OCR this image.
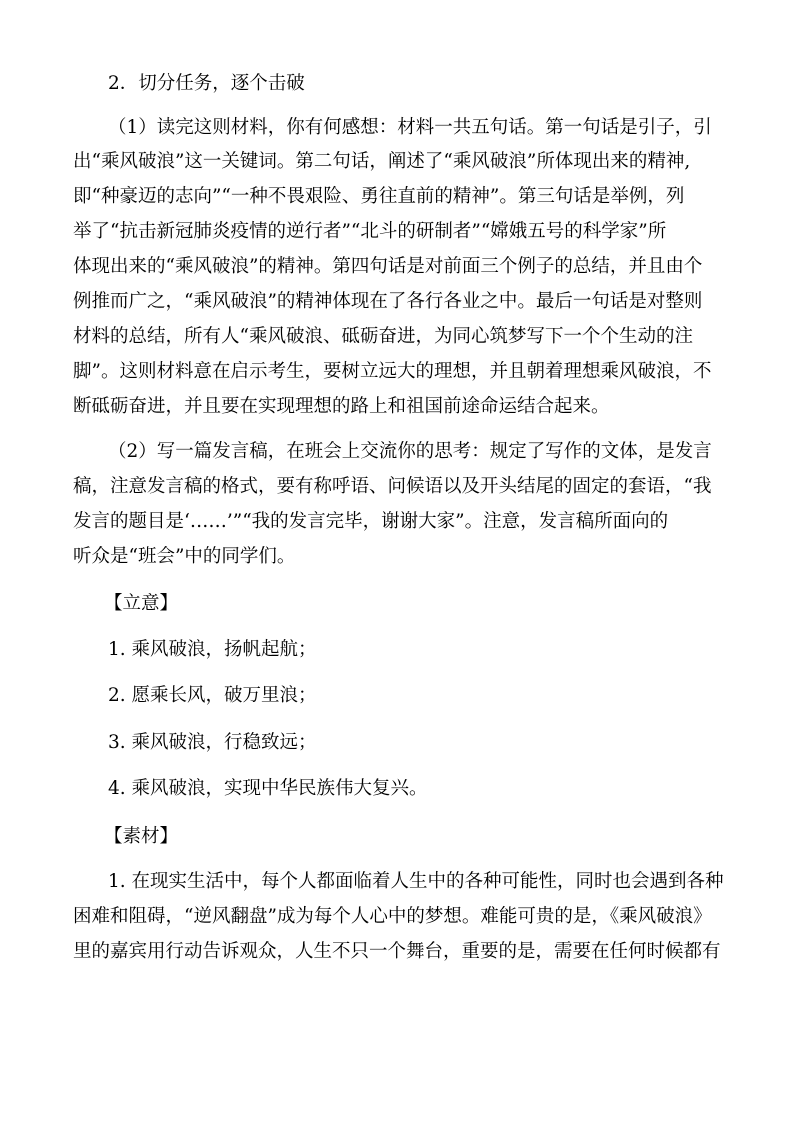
2．切分任务，逐个击破
（1）读完这则材料，你有何感想：材料一共五句话。第一句话是引子，引
出“乘风破浪”这一关键词。第二句话，阐述了“乘风破浪”所体现出来的精神,
即“种豪迈的志向”“一种不畏艰险、勇往直前的精神”。第三句话是举例，列
举了“抗击新冠肺炎疫情的逆行者”“北斗的研制者”“嫦娥五号的科学家”所
体现出来的“乘风破浪”的精神。第四句话是对前面三个例子的总结，并且由个
例推而广之，“乘风破浪”的精神体现在了各行各业之中。最后一句话是对整则
材料的总结，所有人“乘风破浪、砥砺奋进，为同心筑梦写下一个个生动的注
脚”。这则材料意在启示考生，要树立远大的理想，并且朝着理想乘风破浪，不
断砥砺奋进，并且要在实现理想的路上和祖国前途命运结合起来。
（2）写一篇发言稿，在班会上交流你的思考：规定了写作的文体，是发言
稿，注意发言稿的格式，要有称呼语、问候语以及开头结尾的固定的套语，“我
发言的题目是‘……’”“我的发言完毕，谢谢大家”。注意，发言稿所面向的
听众是“班会”中的同学们。
【立意】
1. 乘风破浪，扬帆起航；
2. 愿乘长风，破万里浪；
3. 乘风破浪，行稳致远；
4. 乘风破浪，实现中华民族伟大复兴。
【素材】
1. 在现实生活中，每个人都面临着人生中的各种可能性，同时也会遇到各种
困难和阻碍，“逆风翻盘”成为每个人心中的梦想。难能可贵的是，《乘风破浪》
里的嘉宾用行动告诉观众，人生不只一个舞台，重要的是，需要在任何时候都有
